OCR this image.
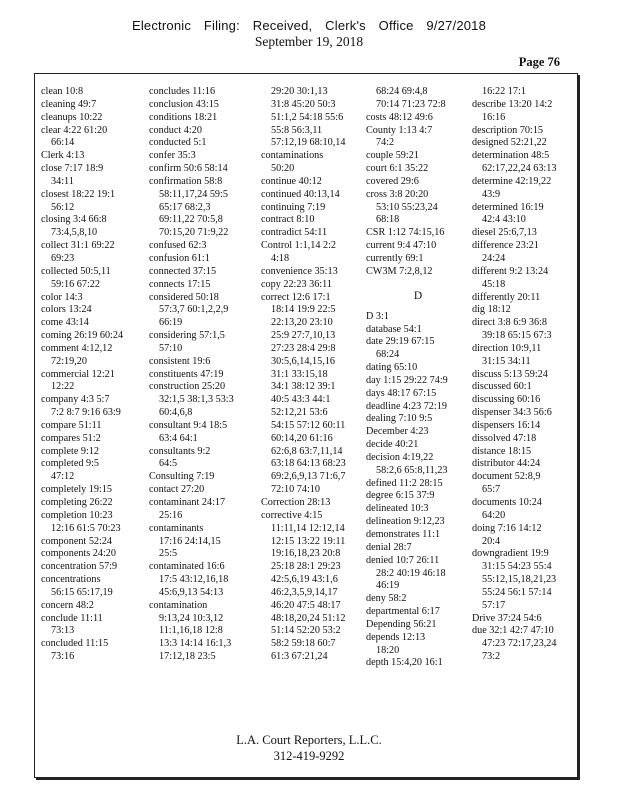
Electronic Filing: Received, Clerk's Office 9/27/2018
September 19, 2018
Page 76
clean 10:8
cleaning 49:7
cleanups 10:22
clear 4:22 61:20
66:14
Clerk 4:13
close 7:17 18:9
34:11
closest 18:22 19:1
56:12
closing 3:4 66:8
73:4,5,8,10
collect 31:1 69:22
69:23
collected 50:5,11
59:16 67:22
color 14:3
colors 13:24
come 43:14
coming 26:19 60:24
comment 4:12,12
72:19,20
commercial 12:21
12:22
company 4:3 5:7
7:2 8:7 9:16 63:9
compare 51:11
compares 51:2
complete 9:12
completed 9:5
47:12
completely 19:15
completing 26:22
completion 10:23
12:16 61:5 70:23
component 52:24
components 24:20
concentration 57:9
concentrations
56:15 65:17,19
concern 48:2
conclude 11:11
73:13
concluded 11:15
73:16
concludes 11:16
conclusion 43:15
conditions 18:21
conduct 4:20
conducted 5:1
confer 35:3
confirm 50:6 58:14
confirmation 58:8
58:11,17,24 59:5
65:17 68:2,3
69:11,22 70:5,8
70:15,20 71:9,22
confused 62:3
confusion 61:1
connected 37:15
connects 17:15
considered 50:18
57:3,7 60:1,2,2,9
66:19
considering 57:1,5
57:10
consistent 19:6
constituents 47:19
construction 25:20
32:1,5 38:1,3 53:3
60:4,6,8
consultant 9:4 18:5
63:4 64:1
consultants 9:2
64:5
Consulting 7:19
contact 27:20
contaminant 24:17
25:16
contaminants
17:16 24:14,15
25:5
contaminated 16:6
17:5 43:12,16,18
45:6,9,13 54:13
contamination
9:13,24 10:3,12
11:1,16,18 12:8
13:3 14:14 16:1,3
17:12,18 23:5
29:20 30:1,13
31:8 45:20 50:3
51:1,2 54:18 55:6
55:8 56:3,11
57:12,19 68:10,14
contaminations
50:20
continue 40:12
continued 40:13,14
continuing 7:19
contract 8:10
contradict 54:11
Control 1:1,14 2:2
4:18
convenience 35:13
copy 22:23 36:11
correct 12:6 17:1
18:14 19:9 22:5
22:13,20 23:10
25:9 27:7,10,13
27:23 28:4 29:8
30:5,6,14,15,16
31:1 33:15,18
34:1 38:12 39:1
40:5 43:3 44:1
52:12,21 53:6
54:15 57:12 60:11
60:14,20 61:16
62:6,8 63:7,11,14
63:18 64:13 68:23
69:2,6,9,13 71:6,7
72:10 74:10
Correction 28:13
corrective 4:15
11:11,14 12:12,14
12:15 13:22 19:11
19:16,18,23 20:8
25:18 28:1 29:23
42:5,6,19 43:1,6
46:2,3,5,9,14,17
46:20 47:5 48:17
48:18,20,24 51:12
51:14 52:20 53:2
58:2 59:18 60:7
61:3 67:21,24
68:24 69:4,8
70:14 71:23 72:8
costs 48:12 49:6
County 1:13 4:7
74:2
couple 59:21
court 6:1 35:22
covered 29:6
cross 3:8 20:20
53:10 55:23,24
68:18
CSR 1:12 74:15,16
current 9:4 47:10
currently 69:1
CW3M 7:2,8,12
D
D 3:1
database 54:1
date 29:19 67:15
68:24
dating 65:10
day 1:15 29:22 74:9
days 48:17 67:15
deadline 4:23 72:19
dealing 7:10 9:5
December 4:23
decide 40:21
decision 4:19,22
58:2,6 65:8,11,23
defined 11:2 28:15
degree 6:15 37:9
delineated 10:3
delineation 9:12,23
demonstrates 11:1
denial 28:7
denied 10:7 26:11
28:2 40:19 46:18
46:19
deny 58:2
departmental 6:17
Depending 56:21
depends 12:13
18:20
depth 15:4,20 16:1
16:22 17:1
describe 13:20 14:2
16:16
description 70:15
designed 52:21,22
determination 48:5
62:17,22,24 63:13
determine 42:19,22
43:9
determined 16:19
42:4 43:10
diesel 25:6,7,13
difference 23:21
24:24
different 9:2 13:24
45:18
differently 20:11
dig 18:12
direct 3:8 6:9 36:8
39:18 65:15 67:3
direction 10:9,11
31:15 34:11
discuss 5:13 59:24
discussed 60:1
discussing 60:16
dispenser 34:3 56:6
dispensers 16:14
dissolved 47:18
distance 18:15
distributor 44:24
document 52:8,9
65:7
documents 10:24
64:20
doing 7:16 14:12
20:4
downgradient 19:9
31:15 54:23 55:4
55:12,15,18,21,23
55:24 56:1 57:14
57:17
Drive 37:24 54:6
due 32:1 42:7 47:10
47:23 72:17,23,24
73:2
L.A. Court Reporters, L.L.C.
312-419-9292
